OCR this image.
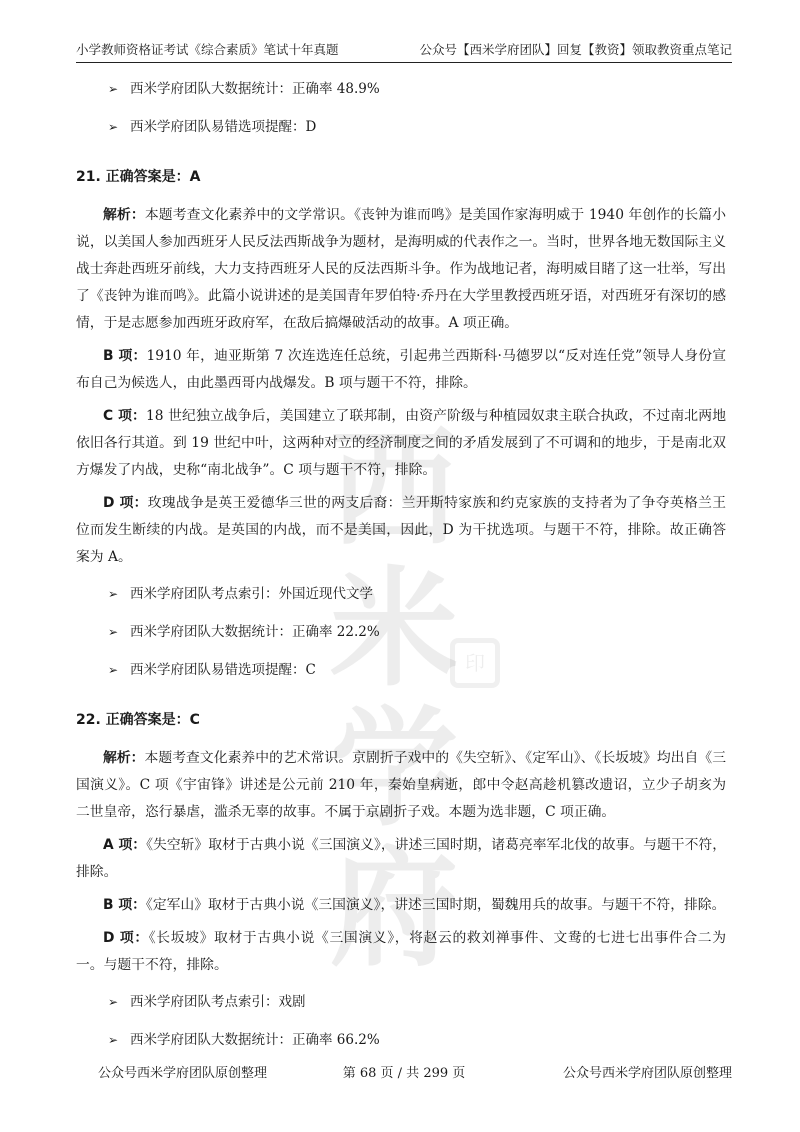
小学教师资格证考试《综合素质》笔试十年真题	公众号【西米学府团队】回复【教资】领取教资重点笔记
西米
学府
印
➢ 西米学府团队大数据统计：正确率 48.9%
➢ 西米学府团队易错选项提醒：D
21. 正确答案是：A

解析：本题考查文化素养中的文学常识。《丧钟为谁而鸣》是美国作家海明威于 1940 年创作的长篇小说，以美国人参加西班牙人民反法西斯战争为题材，是海明威的代表作之一。当时，世界各地无数国际主义战士奔赴西班牙前线，大力支持西班牙人民的反法西斯斗争。作为战地记者，海明威目睹了这一壮举，写出了《丧钟为谁而鸣》。此篇小说讲述的是美国青年罗伯特·乔丹在大学里教授西班牙语，对西班牙有深切的感情，于是志愿参加西班牙政府军，在敌后搞爆破活动的故事。A 项正确。

B 项：1910 年，迪亚斯第 7 次连选连任总统，引起弗兰西斯科·马德罗以“反对连任党”领导人身份宣布自己为候选人，由此墨西哥内战爆发。B 项与题干不符，排除。

C 项：18 世纪独立战争后，美国建立了联邦制，由资产阶级与种植园奴隶主联合执政，不过南北两地依旧各行其道。到 19 世纪中叶，这两种对立的经济制度之间的矛盾发展到了不可调和的地步，于是南北双方爆发了内战，史称“南北战争”。C 项与题干不符，排除。

D 项：玫瑰战争是英王爱德华三世的两支后裔：兰开斯特家族和约克家族的支持者为了争夺英格兰王位而发生断续的内战。是英国的内战，而不是美国，因此，D 为干扰选项。与题干不符，排除。故正确答案为 A。

➢ 西米学府团队考点索引：外国近现代文学
➢ 西米学府团队大数据统计：正确率 22.2%
➢ 西米学府团队易错选项提醒：C
22. 正确答案是：C

解析：本题考查文化素养中的艺术常识。京剧折子戏中的《失空斩》、《定军山》、《长坂坡》均出自《三国演义》。C 项《宇宙锋》讲述是公元前 210 年，秦始皇病逝，郎中令赵高趁机篡改遗诏，立少子胡亥为二世皇帝，恣行暴虐，滥杀无辜的故事。不属于京剧折子戏。本题为选非题，C 项正确。

A 项：《失空斩》取材于古典小说《三国演义》，讲述三国时期，诸葛亮率军北伐的故事。与题干不符，排除。

B 项：《定军山》取材于古典小说《三国演义》，讲述三国时期，蜀魏用兵的故事。与题干不符，排除。

D 项：《长坂坡》取材于古典小说《三国演义》，将赵云的救刘禅事件、文鸯的七进七出事件合二为一。与题干不符，排除。

➢ 西米学府团队考点索引：戏剧
➢ 西米学府团队大数据统计：正确率 66.2%
公众号西米学府团队原创整理	第 68 页 / 共 299 页	公众号西米学府团队原创整理
